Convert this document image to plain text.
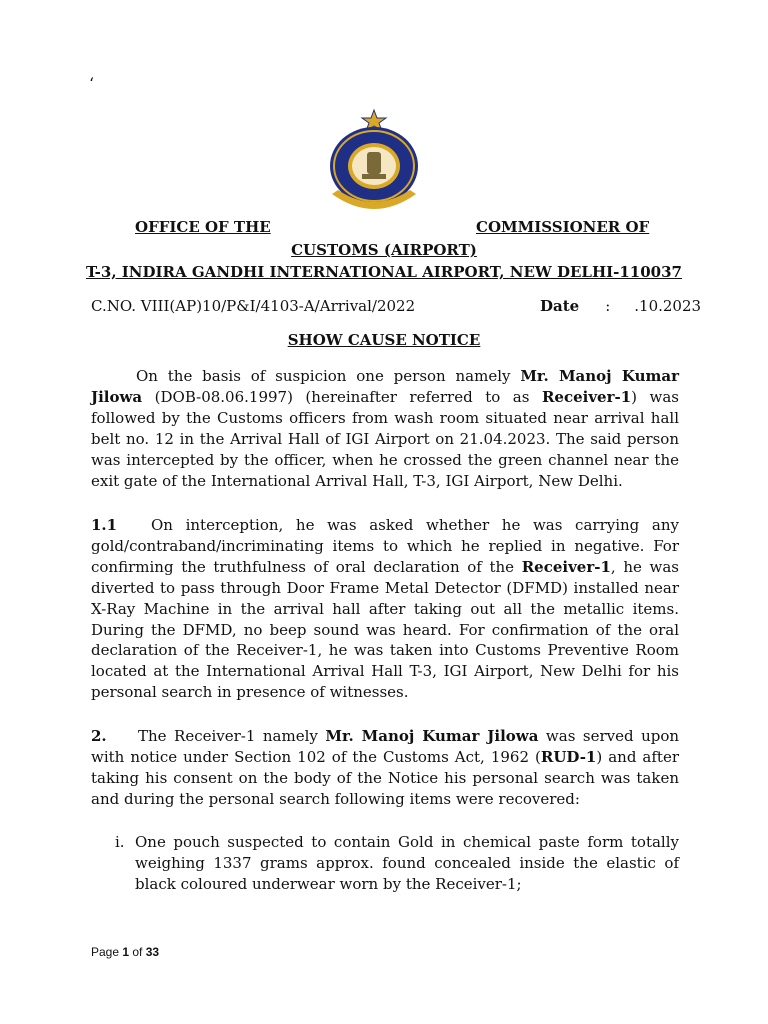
‘
OFFICE OF THE	COMMISSIONER OF
CUSTOMS (AIRPORT)
T-3, INDIRA GANDHI INTERNATIONAL AIRPORT, NEW DELHI-110037
C.NO. VIII(AP)10/P&I/4103-A/Arrival/2022	Date : .10.2023
SHOW CAUSE NOTICE
On the basis of suspicion one person namely Mr. Manoj Kumar Jilowa (DOB-08.06.1997) (hereinafter referred to as Receiver-1) was followed by the Customs officers from wash room situated near arrival hall belt no. 12 in the Arrival Hall of IGI Airport on 21.04.2023. The said person was intercepted by the officer, when he crossed the green channel near the exit gate of the International Arrival Hall, T-3, IGI Airport, New Delhi.
1.1 On interception, he was asked whether he was carrying any gold/contraband/incriminating items to which he replied in negative. For confirming the truthfulness of oral declaration of the Receiver-1, he was diverted to pass through Door Frame Metal Detector (DFMD) installed near X-Ray Machine in the arrival hall after taking out all the metallic items. During the DFMD, no beep sound was heard. For confirmation of the oral declaration of the Receiver-1, he was taken into Customs Preventive Room located at the International Arrival Hall T-3, IGI Airport, New Delhi for his personal search in presence of witnesses.
2. The Receiver-1 namely Mr. Manoj Kumar Jilowa was served upon with notice under Section 102 of the Customs Act, 1962 (RUD-1) and after taking his consent on the body of the Notice his personal search was taken and during the personal search following items were recovered:
i. One pouch suspected to contain Gold in chemical paste form totally weighing 1337 grams approx. found concealed inside the elastic of black coloured underwear worn by the Receiver-1;
Page 1 of 33
